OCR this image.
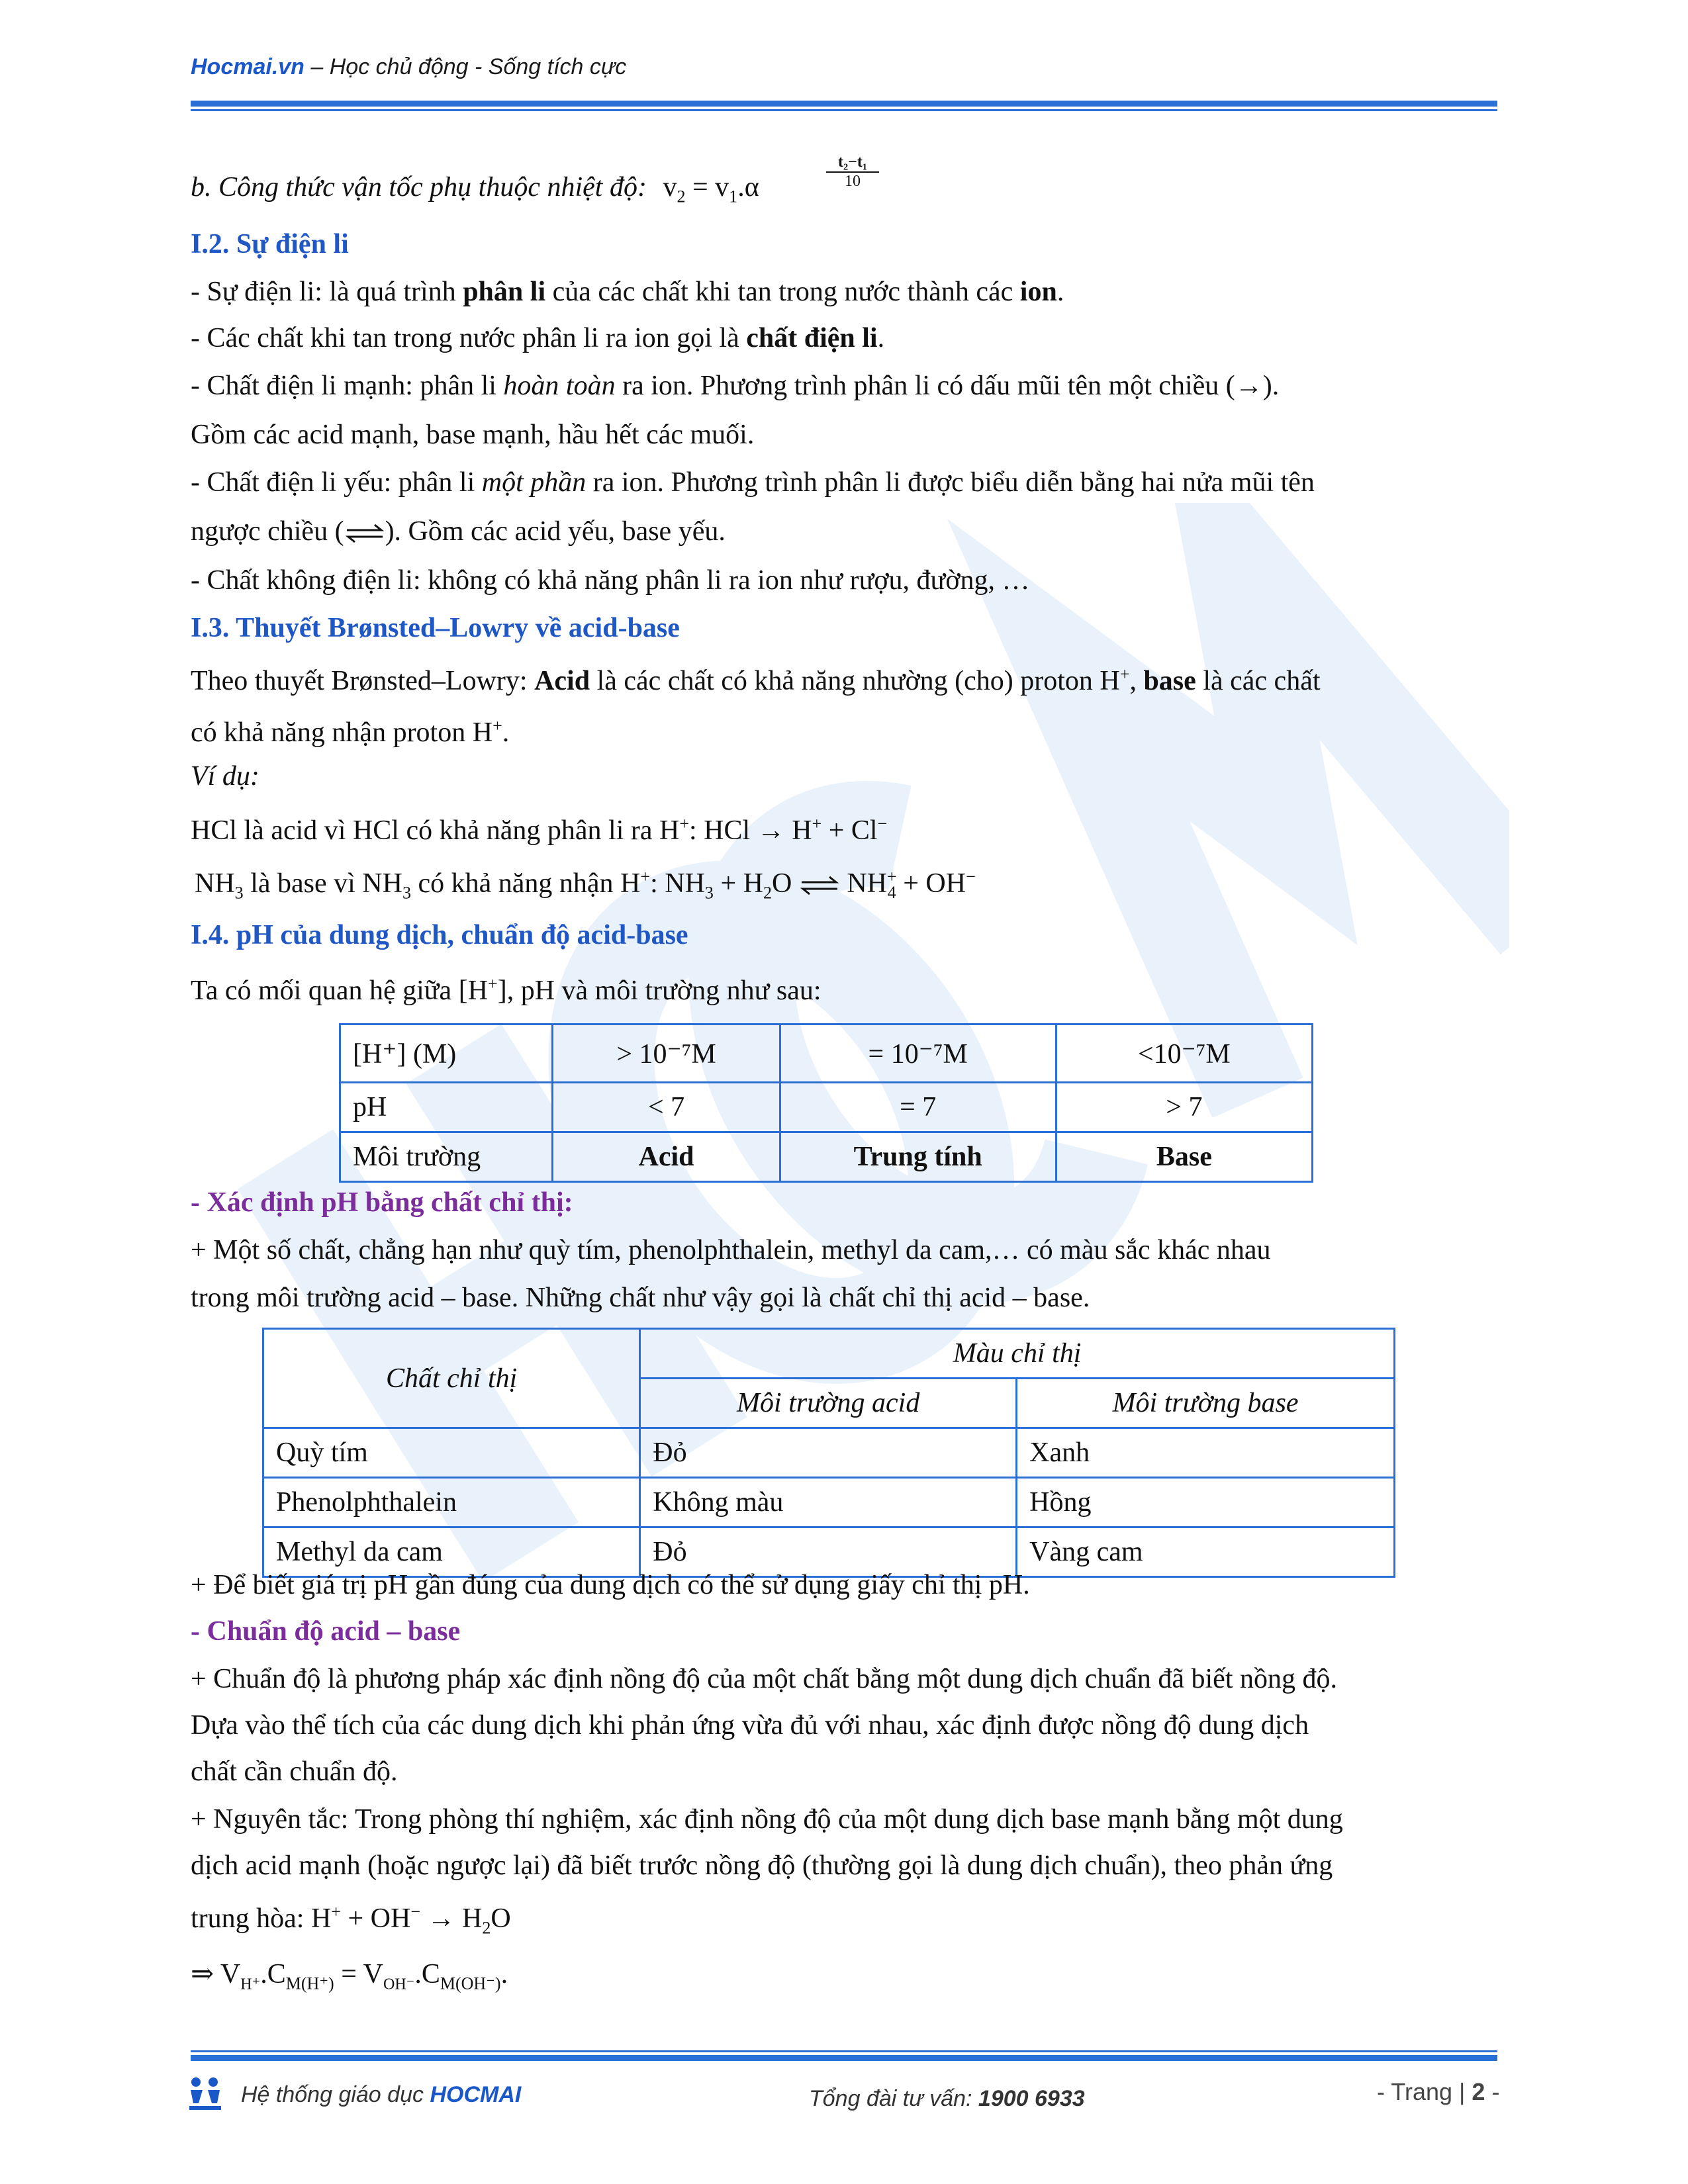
Hocmai.vn – Học chủ động - Sống tích cực
b. Công thức vận tốc phụ thuộc nhiệt độ: $v_2 = v_1.\alpha$	$\frac{\text{t₂−t₁}}{10}$
I.2. Sự điện li
- Sự điện li: là quá trình phân li của các chất khi tan trong nước thành các ion.
- Các chất khi tan trong nước phân li ra ion gọi là chất điện li.
- Chất điện li mạnh: phân li hoàn toàn ra ion. Phương trình phân li có dấu mũi tên một chiều (→).
Gồm các acid mạnh, base mạnh, hầu hết các muối.
- Chất điện li yếu: phân li một phần ra ion. Phương trình phân li được biểu diễn bằng hai nửa mũi tên
ngược chiều (⇌). Gồm các acid yếu, base yếu.
- Chất không điện li: không có khả năng phân li ra ion như rượu, đường, …
I.3. Thuyết Brønsted–Lowry về acid-base
Theo thuyết Brønsted–Lowry: Acid là các chất có khả năng nhường (cho) proton H+, base là các chất
có khả năng nhận proton H+.
Ví dụ:
HCl là acid vì HCl có khả năng phân li ra H+: HCl → H+ + Cl−
$NH_3$ là base vì $NH_3$ có khả năng nhận H+: $NH_3 + H_2O$ ⇌ $NH^+_4 + OH^-$
I.4. pH của dung dịch, chuẩn độ acid-base
Ta có mối quan hệ giữa [H+], pH và môi trường như sau:
[H⁺] (M)	> 10⁻⁷M	= 10⁻⁷M	<10⁻⁷M
pH	< 7	= 7	> 7
Môi trường	Acid	Trung tính	Base
- Xác định pH bằng chất chỉ thị:
+ Một số chất, chẳng hạn như quỳ tím, phenolphthalein, methyl da cam,… có màu sắc khác nhau
trong môi trường acid – base. Những chất như vậy gọi là chất chỉ thị acid – base.
Chất chỉ thị	Màu chỉ thị	
	Môi trường acid	Môi trường base
Quỳ tím	Đỏ	Xanh
Phenolphthalein	Không màu	Hồng
Methyl da cam	Đỏ	Vàng cam
+ Để biết giá trị pH gần đúng của dung dịch có thể sử dụng giấy chỉ thị pH.
- Chuẩn độ acid – base
+ Chuẩn độ là phương pháp xác định nồng độ của một chất bằng một dung dịch chuẩn đã biết nồng độ.
Dựa vào thể tích của các dung dịch khi phản ứng vừa đủ với nhau, xác định được nồng độ dung dịch
chất cần chuẩn độ.
+ Nguyên tắc: Trong phòng thí nghiệm, xác định nồng độ của một dung dịch base mạnh bằng một dung
dịch acid mạnh (hoặc ngược lại) đã biết trước nồng độ (thường gọi là dung dịch chuẩn), theo phản ứng
trung hòa: $H^+ + OH^- \to H_2O$
⇒ $V_{H^+}.C_{M(H^+)} = V_{OH^-}.C_{M(OH^-)}$.
Hệ thống giáo dục HOCMAI	Tổng đài tư vấn: 1900 6933	- Trang | 2 -
